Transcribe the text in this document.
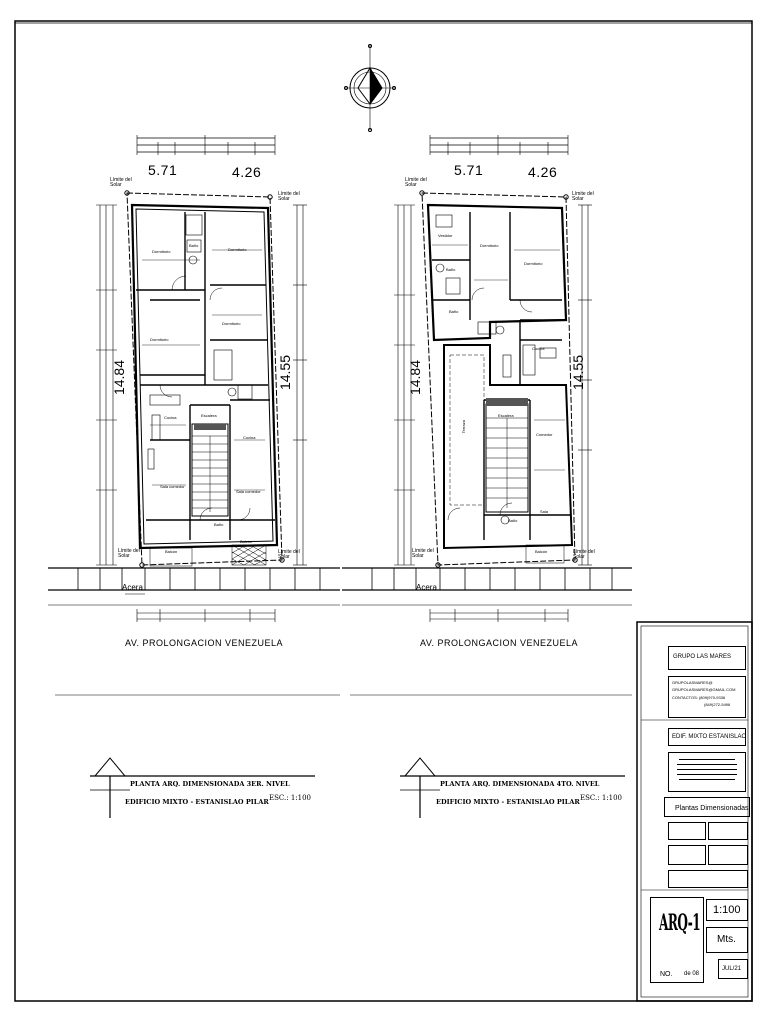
5.71	4.26
14.84	14.55
Límite del Solar
Límite del Solar
Límite del Solar
Límite del Solar
Acera
AV. PROLONGACION VENEZUELA
Dormitorio	Dormitorio
Dormitorio
Dormitorio
Cocina	Escalera
Cocina
Sala comedor
Sala comedor
Balcón
Balcón
Baño
Baño
PLANTA ARQ. DIMENSIONADA 3ER. NIVEL
EDIFICIO MIXTO - ESTANISLAO PILAR ESC.: 1:100
5.71	4.26
14.84	14.55
Límite del Solar
Límite del Solar
Límite del Solar
Límite del Solar
Acera
AV. PROLONGACION VENEZUELA
Vestidor
Dormitorio
Dormitorio
Baño
Baño
Cocina
Terraza
Escalera
Comedor
Sala
Baño
Balcón
PLANTA ARQ. DIMENSIONADA 4TO. NIVEL
EDIFICIO MIXTO - ESTANISLAO PILAR ESC.: 1:100
GRUPO LAS MARES
GRUPOLASMARES@
GRUPOLASMARES@GMAIL.COM
CONTACTOS: (809)970-9336
(849)272-5496
EDIF. MIXTO ESTANISLAO
Plantas Dimensionadas
ARQ-1
NO. de 08
1:100
Mts.
JUL/21
